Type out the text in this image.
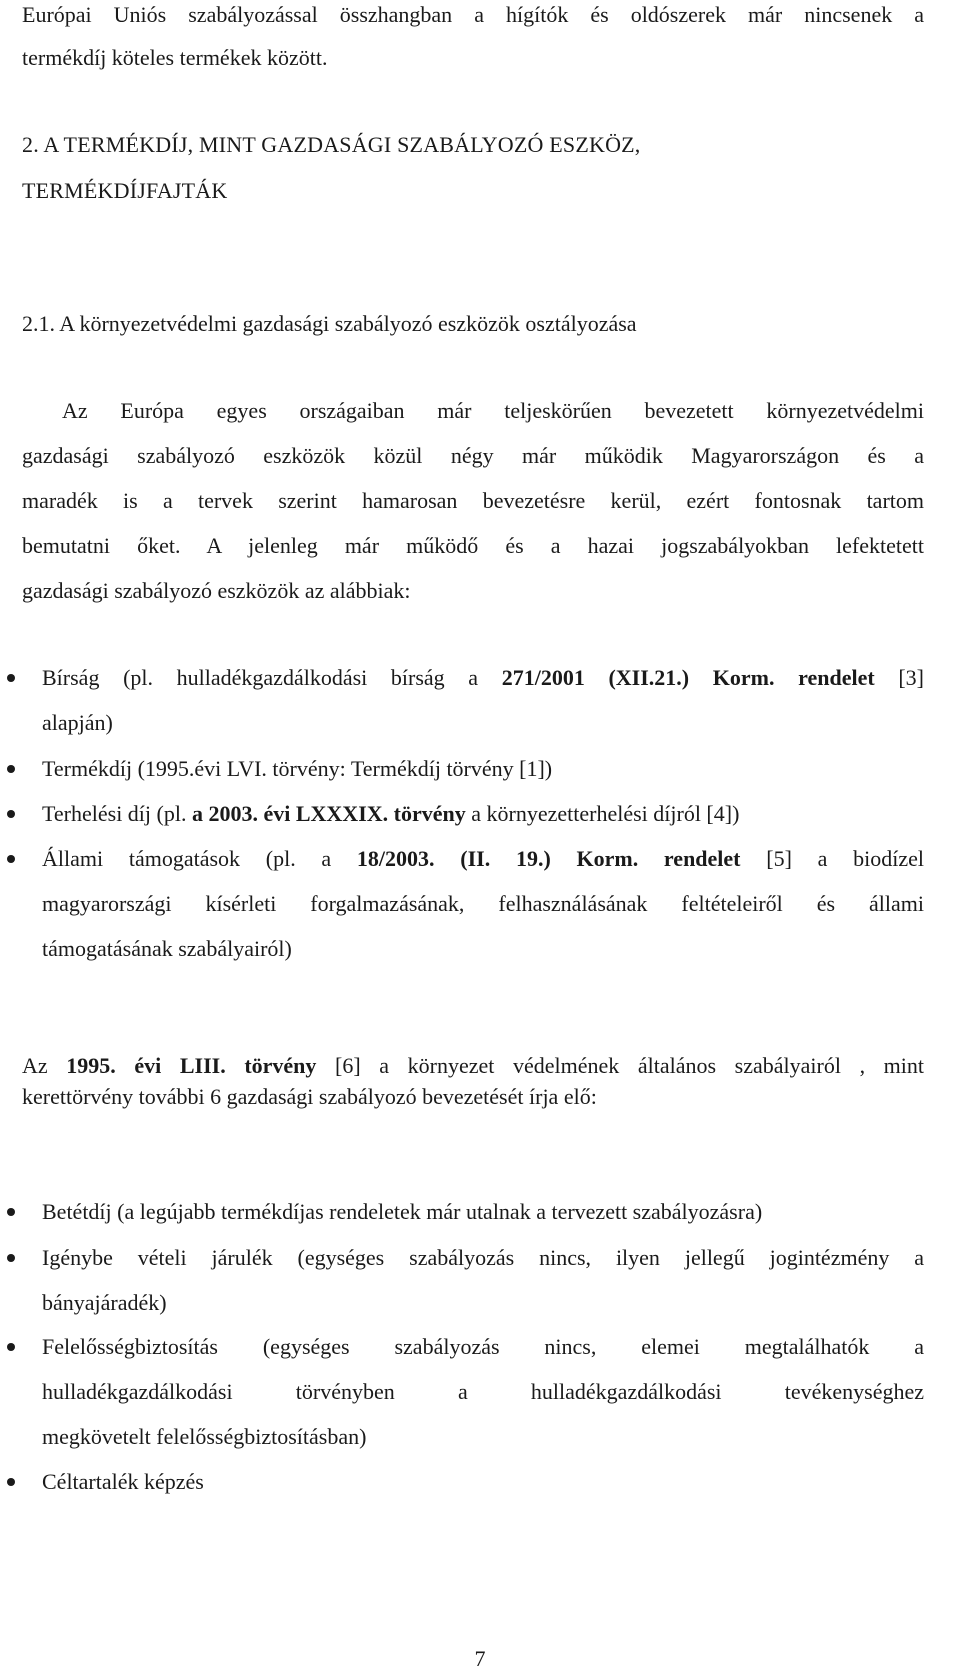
Európai Uniós szabályozással összhangban a hígítók és oldószerek már nincsenek a
termékdíj köteles termékek között.
2. A TERMÉKDÍJ, MINT GAZDASÁGI SZABÁLYOZÓ ESZKÖZ,
TERMÉKDÍJFAJTÁK
2.1. A környezetvédelmi gazdasági szabályozó eszközök osztályozása
Az Európa egyes országaiban már teljeskörűen bevezetett környezetvédelmi
gazdasági szabályozó eszközök közül négy már működik Magyarországon és a
maradék is a tervek szerint hamarosan bevezetésre kerül, ezért fontosnak tartom
bemutatni őket. A jelenleg már működő és a hazai jogszabályokban lefektetett
gazdasági szabályozó eszközök az alábbiak:
Bírság (pl. hulladékgazdálkodási bírság a 271/2001 (XII.21.) Korm. rendelet [3]
alapján)
Termékdíj (1995.évi LVI. törvény: Termékdíj törvény [1])
Terhelési díj (pl. a 2003. évi LXXXIX. törvény a környezetterhelési díjról [4])
Állami támogatások (pl. a 18/2003. (II. 19.) Korm. rendelet [5] a biodízel
magyarországi kísérleti forgalmazásának, felhasználásának feltételeiről és állami
támogatásának szabályairól)
Az 1995. évi LIII. törvény [6] a környezet védelmének általános szabályairól , mint
kerettörvény további 6 gazdasági szabályozó bevezetését írja elő:
Betétdíj (a legújabb termékdíjas rendeletek már utalnak a tervezett szabályozásra)
Igénybe vételi járulék (egységes szabályozás nincs, ilyen jellegű jogintézmény a
bányajáradék)
Felelősségbiztosítás (egységes szabályozás nincs, elemei megtalálhatók a
hulladékgazdálkodási törvényben a hulladékgazdálkodási tevékenységhez
megkövetelt felelősségbiztosításban)
Céltartalék képzés
7
